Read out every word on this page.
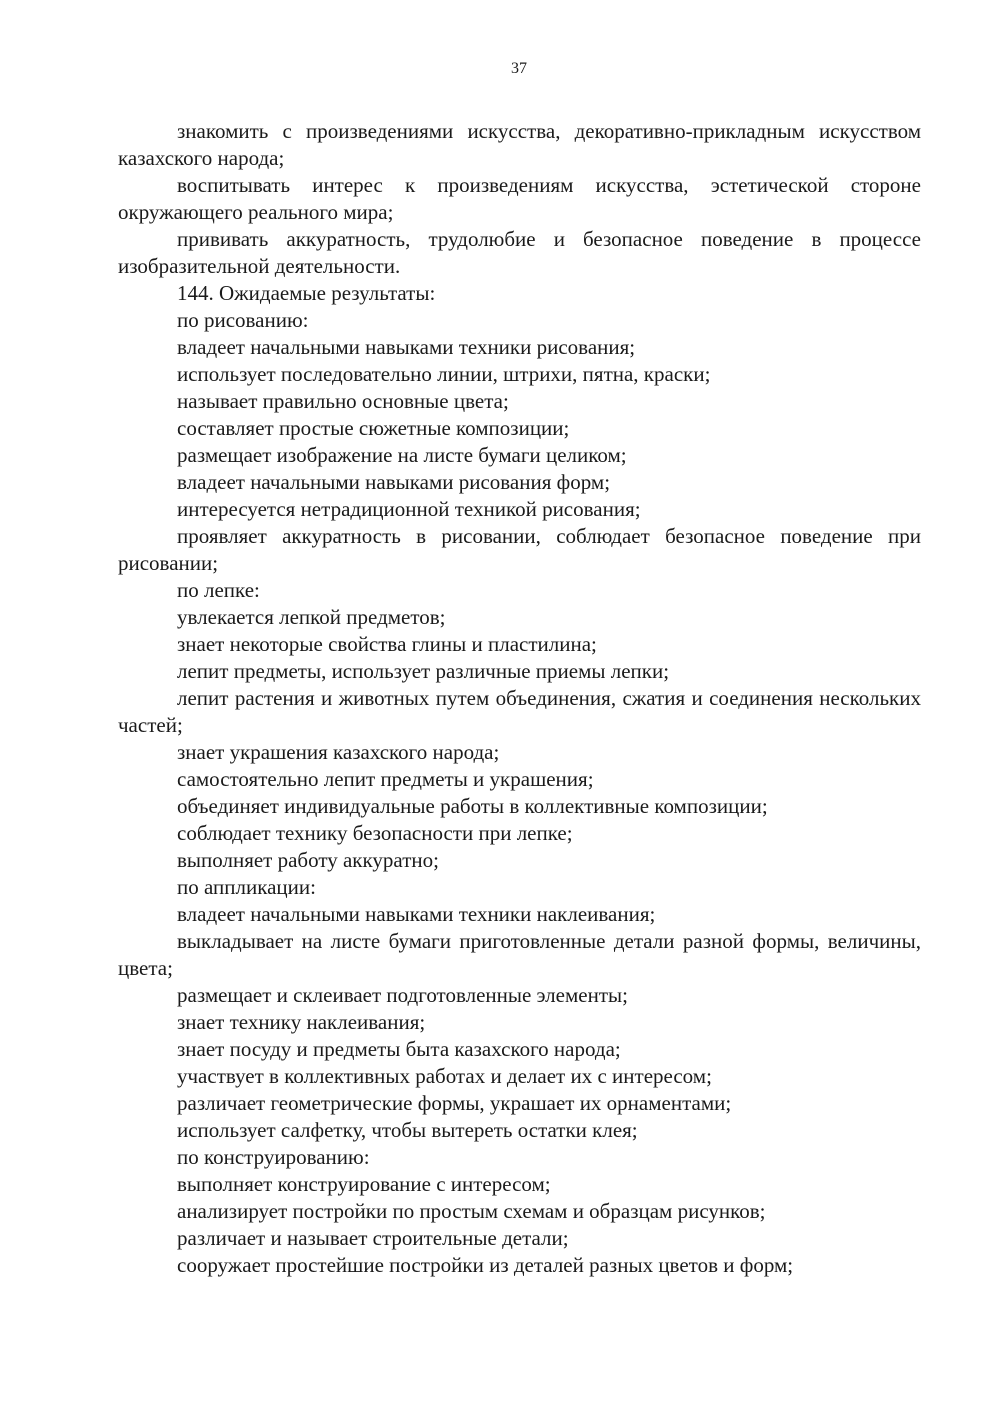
37

знакомить с произведениями искусства, декоративно-прикладным искусством казахского народа;

воспитывать интерес к произведениям искусства, эстетической стороне окружающего реального мира;

прививать аккуратность, трудолюбие и безопасное поведение в процессе изобразительной деятельности.

144. Ожидаемые результаты:

по рисованию:

владеет начальными навыками техники рисования;

использует последовательно линии, штрихи, пятна, краски;

называет правильно основные цвета;

составляет простые сюжетные композиции;

размещает изображение на листе бумаги целиком;

владеет начальными навыками рисования форм;

интересуется нетрадиционной техникой рисования;

проявляет аккуратность в рисовании, соблюдает безопасное поведение при рисовании;

по лепке:

увлекается лепкой предметов;

знает некоторые свойства глины и пластилина;

лепит предметы, использует различные приемы лепки;

лепит растения и животных путем объединения, сжатия и соединения нескольких частей;

знает украшения казахского народа;

самостоятельно лепит предметы и украшения;

объединяет индивидуальные работы в коллективные композиции;

соблюдает технику безопасности при лепке;

выполняет работу аккуратно;

по аппликации:

владеет начальными навыками техники наклеивания;

выкладывает на листе бумаги приготовленные детали разной формы, величины, цвета;

размещает и склеивает подготовленные элементы;

знает технику наклеивания;

знает посуду и предметы быта казахского народа;

участвует в коллективных работах и делает их с интересом;

различает геометрические формы, украшает их орнаментами;

использует салфетку, чтобы вытереть остатки клея;

по конструированию:

выполняет конструирование с интересом;

анализирует постройки по простым схемам и образцам рисунков;

различает и называет строительные детали;

сооружает простейшие постройки из деталей разных цветов и форм;
